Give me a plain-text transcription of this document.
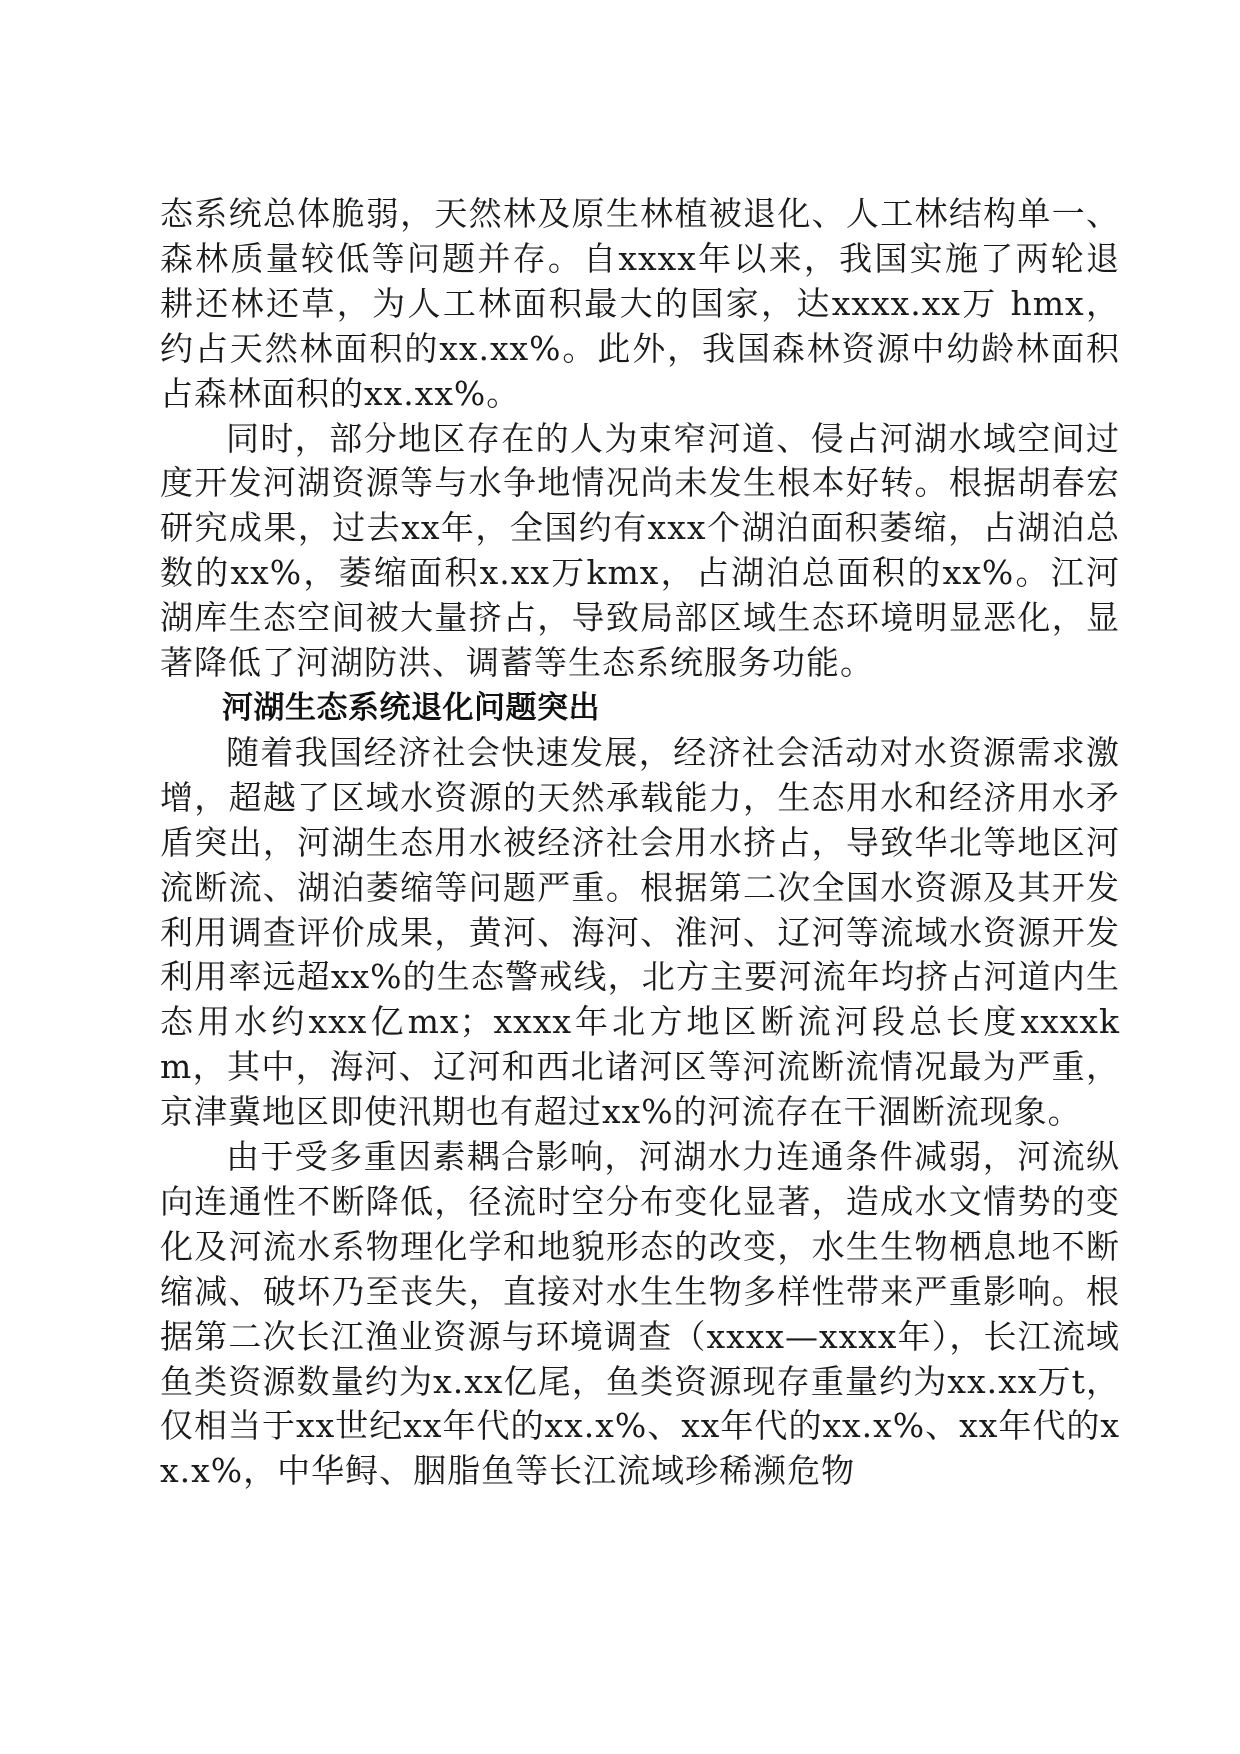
态系统总体脆弱，天然林及原生林植被退化、人工林结构单一、森林质量较低等问题并存。自xxxx年以来，我国实施了两轮退耕还林还草，为人工林面积最大的国家，达xxxx.xx万 hmx，约占天然林面积的xx.xx%。此外，我国森林资源中幼龄林面积占森林面积的xx.xx%。

同时，部分地区存在的人为束窄河道、侵占河湖水域空间过度开发河湖资源等与水争地情况尚未发生根本好转。根据胡春宏研究成果，过去xx年，全国约有xxx个湖泊面积萎缩，占湖泊总数的xx%，萎缩面积x.xx万kmx，占湖泊总面积的xx%。江河湖库生态空间被大量挤占，导致局部区域生态环境明显恶化，显著降低了河湖防洪、调蓄等生态系统服务功能。

河湖生态系统退化问题突出

随着我国经济社会快速发展，经济社会活动对水资源需求激增，超越了区域水资源的天然承载能力，生态用水和经济用水矛盾突出，河湖生态用水被经济社会用水挤占，导致华北等地区河流断流、湖泊萎缩等问题严重。根据第二次全国水资源及其开发利用调查评价成果，黄河、海河、淮河、辽河等流域水资源开发利用率远超xx%的生态警戒线，北方主要河流年均挤占河道内生态用水约xxx亿mx；xxxx年北方地区断流河段总长度xxxxkm，其中，海河、辽河和西北诸河区等河流断流情况最为严重，京津冀地区即使汛期也有超过xx%的河流存在干涸断流现象。

由于受多重因素耦合影响，河湖水力连通条件减弱，河流纵向连通性不断降低，径流时空分布变化显著，造成水文情势的变化及河流水系物理化学和地貌形态的改变，水生生物栖息地不断缩减、破坏乃至丧失，直接对水生生物多样性带来严重影响。根据第二次长江渔业资源与环境调查（xxxx—xxxx年），长江流域鱼类资源数量约为x.xx亿尾，鱼类资源现存重量约为xx.xx万t，仅相当于xx世纪xx年代的xx.x%、xx年代的xx.x%、xx年代的xx.x%，中华鲟、胭脂鱼等长江流域珍稀濒危物
